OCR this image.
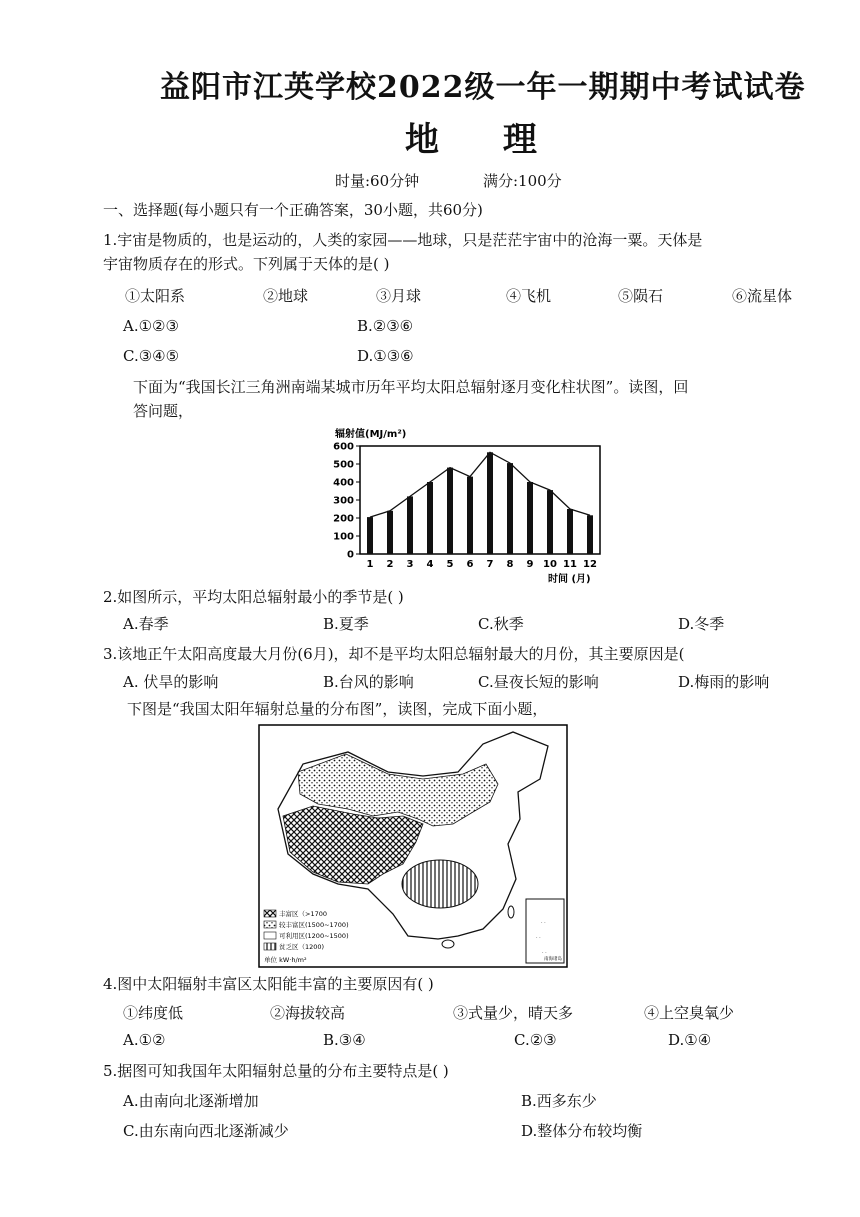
益阳市江英学校2022级一年一期期中考试试卷
地 理
时量:60分钟	满分:100分
一、选择题(每小题只有一个正确答案，30小题，共60分)
1.宇宙是物质的，也是运动的，人类的家园——地球，只是茫茫宇宙中的沧海一粟。天体是
宇宙物质存在的形式。下列属于天体的是( )
①太阳系	②地球	③月球	④飞机	⑤陨石	⑥流星体
A.①②③	B.②③⑥
C.③④⑤	D.①③⑥
下面为“我国长江三角洲南端某城市历年平均太阳总辐射逐月变化柱状图”。读图，回
答问题，
辐射值(MJ/m²)
时间 (月)
0
100
200
300
400
500
600
1 2 3 4 5 6 7 8 9 10 11 12
2.如图所示，平均太阳总辐射最小的季节是( )
A.春季	B.夏季	C.秋季	D.冬季
3.该地正午太阳高度最大月份(6月)，却不是平均太阳总辐射最大的月份，其主要原因是(
A. 伏旱的影响	B.台风的影响	C.昼夜长短的影响	D.梅雨的影响
下图是“我国太阳年辐射总量的分布图”，读图，完成下面小题，
· ·
· ·
· ·
丰富区（>1700
较丰富区(1500~1700)
可利用区(1200~1500)
贫乏区（1200)
单位 kW·h/m²	南海诸岛
4.图中太阳辐射丰富区太阳能丰富的主要原因有( )
①纬度低	②海拔较高	③式量少，晴天多	④上空臭氧少
A.①②	B.③④	C.②③	D.①④
5.据图可知我国年太阳辐射总量的分布主要特点是( )
A.由南向北逐渐增加	B.西多东少
C.由东南向西北逐渐减少	D.整体分布较均衡
